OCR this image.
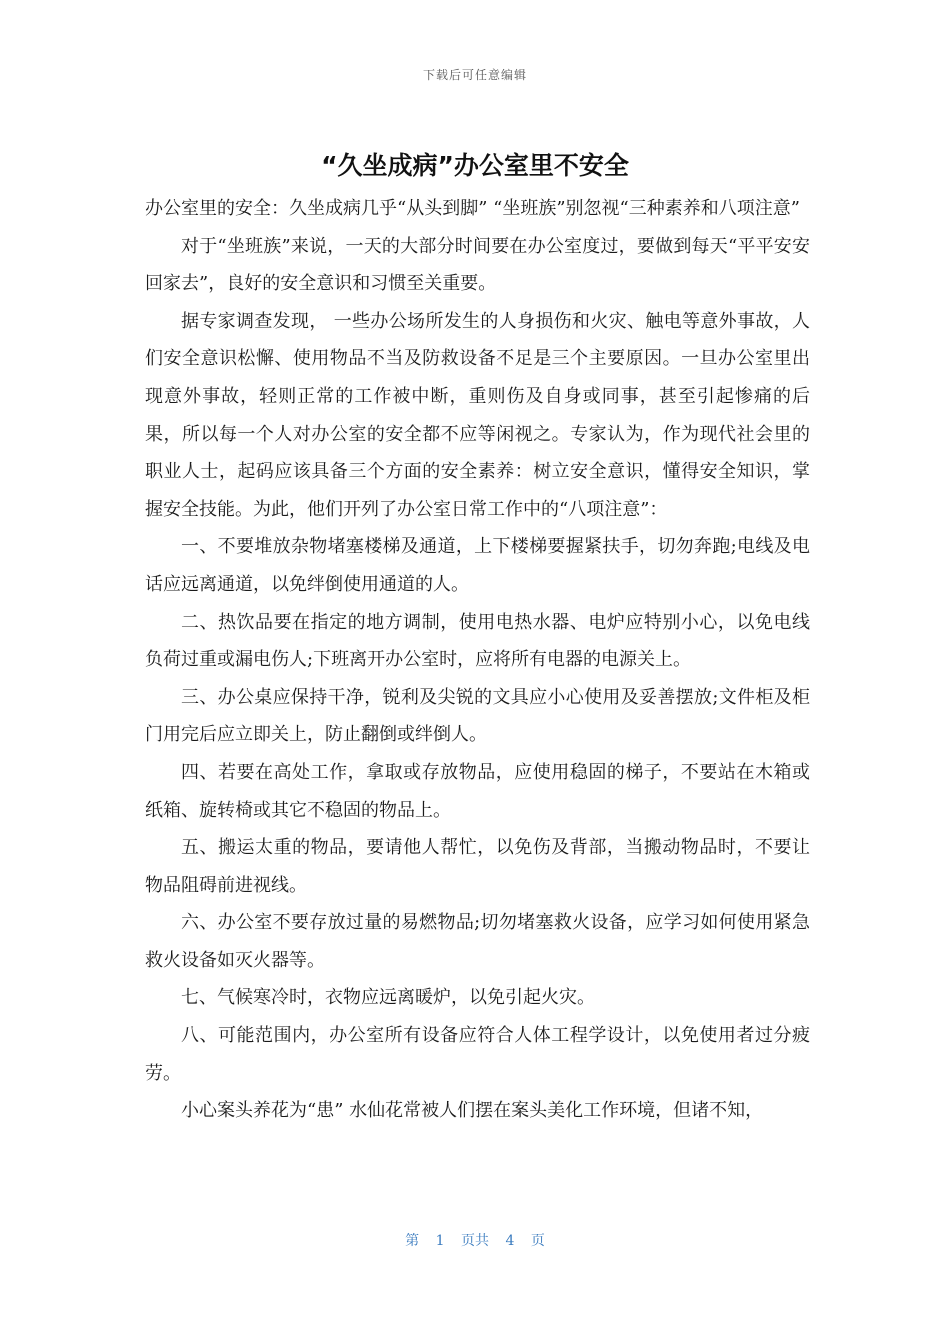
下载后可任意编辑
“久坐成病”办公室里不安全

办公室里的安全：久坐成病几乎“从头到脚” “坐班族”别忽视“三种素养和八项注意”

对于“坐班族”来说，一天的大部分时间要在办公室度过，要做到每天“平平安安回家去”，良好的安全意识和习惯至关重要。

据专家调查发现， 一些办公场所发生的人身损伤和火灾、触电等意外事故，人们安全意识松懈、使用物品不当及防救设备不足是三个主要原因。一旦办公室里出现意外事故，轻则正常的工作被中断，重则伤及自身或同事，甚至引起惨痛的后果，所以每一个人对办公室的安全都不应等闲视之。专家认为，作为现代社会里的职业人士，起码应该具备三个方面的安全素养：树立安全意识，懂得安全知识，掌握安全技能。为此，他们开列了办公室日常工作中的“八项注意”：

一、不要堆放杂物堵塞楼梯及通道，上下楼梯要握紧扶手，切勿奔跑;电线及电话应远离通道，以免绊倒使用通道的人。

二、热饮品要在指定的地方调制，使用电热水器、电炉应特别小心，以免电线负荷过重或漏电伤人;下班离开办公室时，应将所有电器的电源关上。

三、办公桌应保持干净，锐利及尖锐的文具应小心使用及妥善摆放;文件柜及柜门用完后应立即关上，防止翻倒或绊倒人。

四、若要在高处工作，拿取或存放物品，应使用稳固的梯子，不要站在木箱或纸箱、旋转椅或其它不稳固的物品上。

五、搬运太重的物品，要请他人帮忙，以免伤及背部，当搬动物品时，不要让物品阻碍前进视线。

六、办公室不要存放过量的易燃物品;切勿堵塞救火设备，应学习如何使用紧急救火设备如灭火器等。

七、气候寒冷时，衣物应远离暖炉，以免引起火灾。

八、可能范围内，办公室所有设备应符合人体工程学设计，以免使用者过分疲劳。

小心案头养花为“患” 水仙花常被人们摆在案头美化工作环境，但诸不知，

第 1 页共 4 页
